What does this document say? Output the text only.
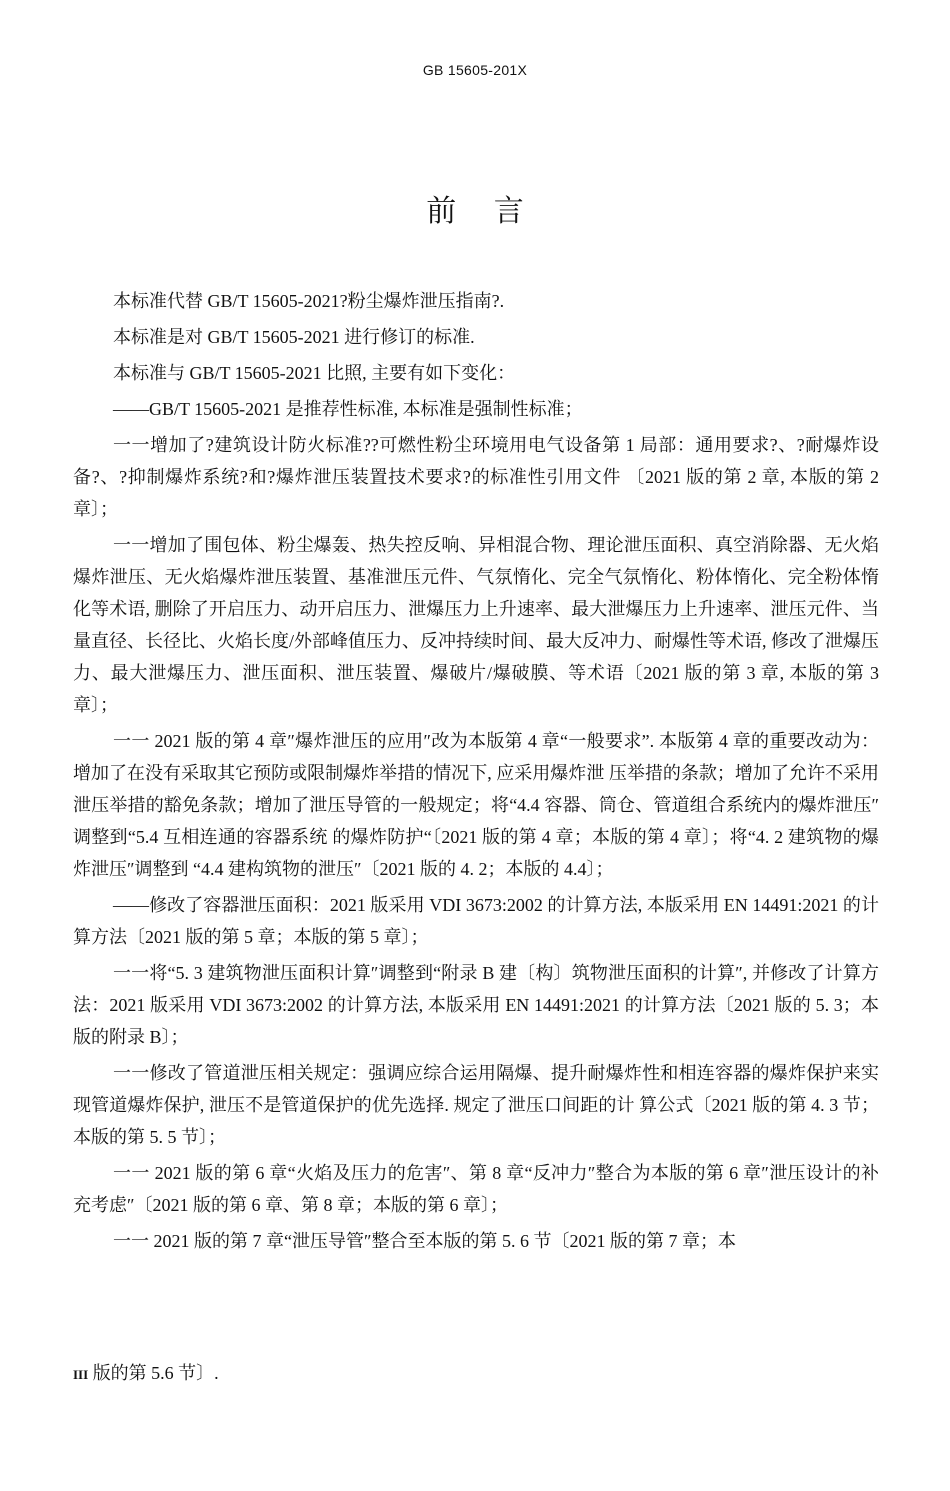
GB 15605-201X
前 言

本标准代替 GB/T 15605-2021?粉尘爆炸泄压指南?.

本标准是对 GB/T 15605-2021 进行修订的标准.

本标准与 GB/T 15605-2021 比照, 主要有如下变化：

——GB/T 15605-2021 是推荐性标准, 本标准是强制性标准；

一一增加了?建筑设计防火标准??可燃性粉尘环境用电气设备第 1 局部：通用要求?、?耐爆炸设备?、?抑制爆炸系统?和?爆炸泄压装置技术要求?的标准性引用文件 〔2021 版的第 2 章, 本版的第 2 章〕；

一一增加了围包体、粉尘爆轰、热失控反响、异相混合物、理论泄压面积、真空消除器、无火焰爆炸泄压、无火焰爆炸泄压装置、基准泄压元件、气氛惰化、完全气氛惰化、粉体惰化、完全粉体惰化等术语, 删除了开启压力、动开启压力、泄爆压力上升速率、最大泄爆压力上升速率、泄压元件、当量直径、长径比、火焰长度/外部峰值压力、反冲持续时间、最大反冲力、耐爆性等术语, 修改了泄爆压力、最大泄爆压力、泄压面积、泄压装置、爆破片/爆破膜、等术语〔2021 版的第 3 章, 本版的第 3 章〕；

一一 2021 版的第 4 章″爆炸泄压的应用″改为本版第 4 章“一般要求”. 本版第 4 章的重要改动为：增加了在没有采取其它预防或限制爆炸举措的情况下, 应采用爆炸泄 压举措的条款；增加了允许不采用泄压举措的豁免条款；增加了泄压导管的一般规定；将“4.4 容器、筒仓、管道组合系统内的爆炸泄压″调整到“5.4 互相连通的容器系统 的爆炸防护“〔2021 版的第 4 章；本版的第 4 章〕；将“4. 2 建筑物的爆炸泄压″调整到 “4.4 建构筑物的泄压″〔2021 版的 4. 2；本版的 4.4〕；

——修改了容器泄压面积：2021 版采用 VDI 3673:2002 的计算方法, 本版采用 EN 14491:2021 的计算方法〔2021 版的第 5 章；本版的第 5 章〕；

一一将“5. 3 建筑物泄压面积计算″调整到“附录 B 建〔构〕筑物泄压面积的计算″, 并修改了计算方法：2021 版采用 VDI 3673:2002 的计算方法, 本版采用 EN 14491:2021 的计算方法〔2021 版的 5. 3；本版的附录 B〕；

一一修改了管道泄压相关规定：强调应综合运用隔爆、提升耐爆炸性和相连容器的爆炸保护来实现管道爆炸保护, 泄压不是管道保护的优先选择. 规定了泄压口间距的计 算公式〔2021 版的第 4. 3 节；本版的第 5. 5 节〕；

一一 2021 版的第 6 章“火焰及压力的危害″、第 8 章“反冲力″整合为本版的第 6 章″泄压设计的补充考虑″〔2021 版的第 6 章、第 8 章；本版的第 6 章〕；

一一 2021 版的第 7 章“泄压导管″整合至本版的第 5. 6 节〔2021 版的第 7 章；本

III 版的第 5.6 节〕.
